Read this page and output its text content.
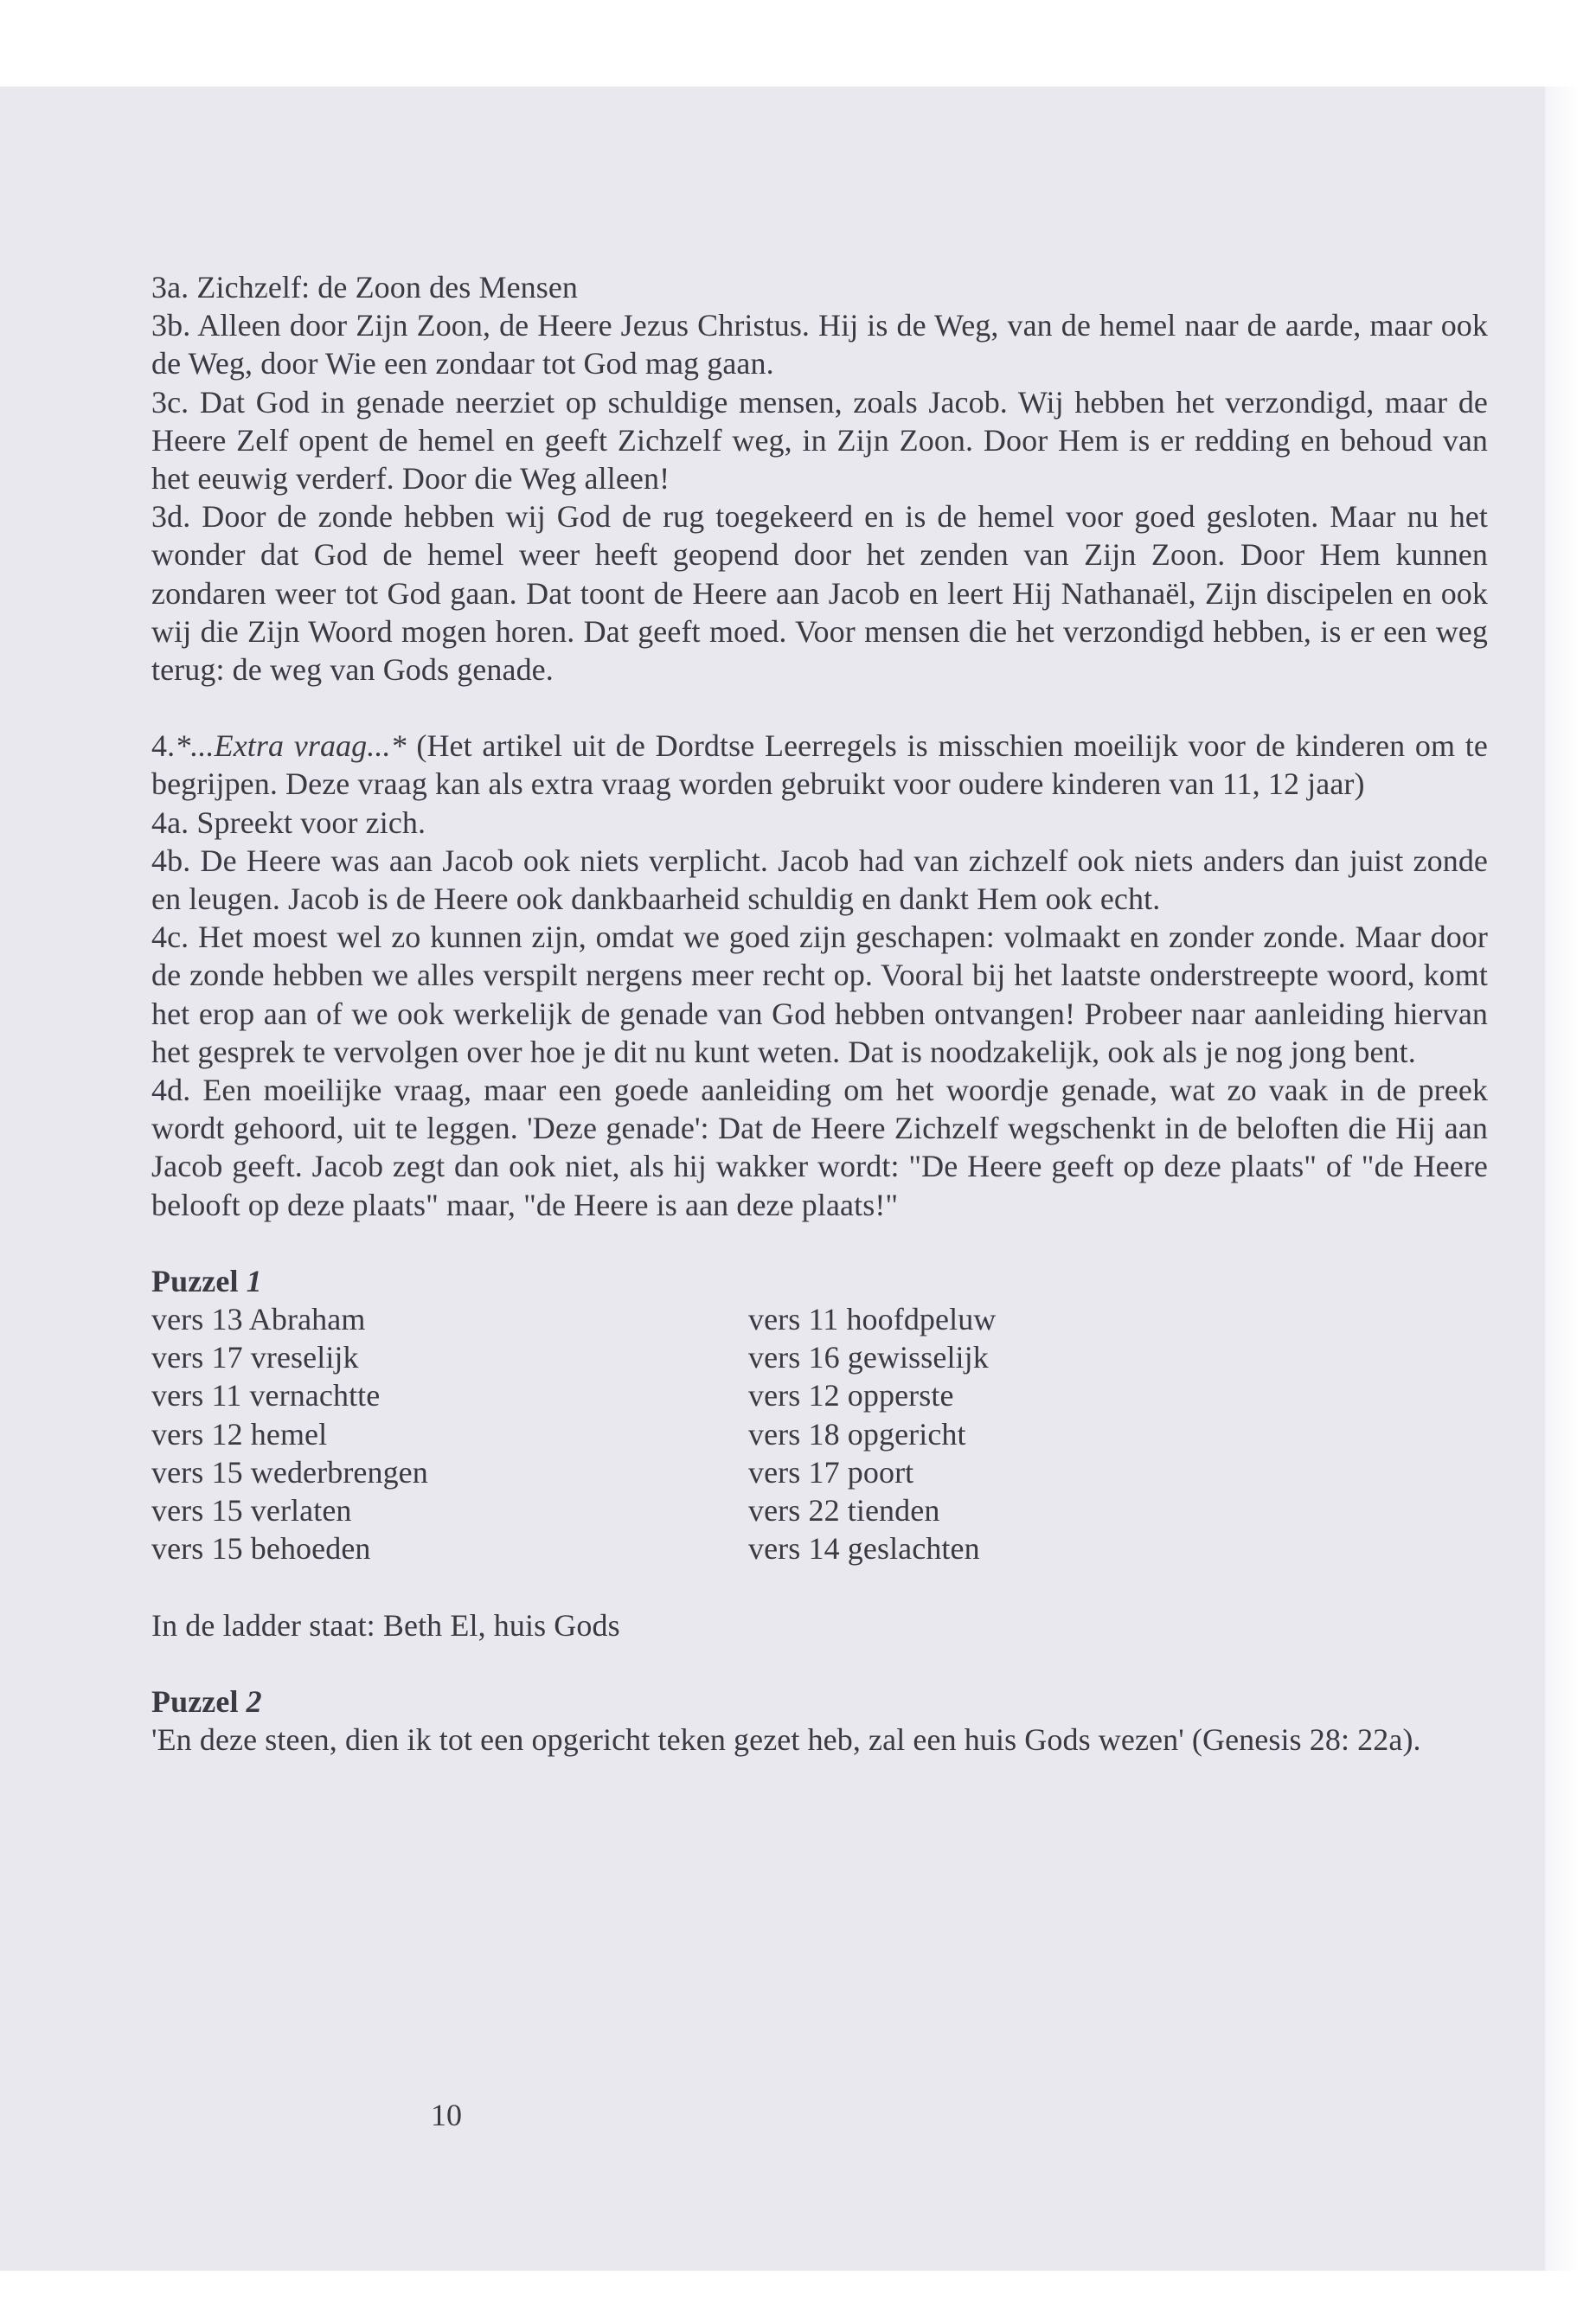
3a. Zichzelf: de Zoon des Mensen

3b. Alleen door Zijn Zoon, de Heere Jezus Christus. Hij is de Weg, van de hemel naar de aarde, maar ook de Weg, door Wie een zondaar tot God mag gaan.

3c. Dat God in genade neerziet op schuldige mensen, zoals Jacob. Wij hebben het verzondigd, maar de Heere Zelf opent de hemel en geeft Zichzelf weg, in Zijn Zoon. Door Hem is er redding en behoud van het eeuwig verderf. Door die Weg alleen!

3d. Door de zonde hebben wij God de rug toegekeerd en is de hemel voor goed gesloten. Maar nu het wonder dat God de hemel weer heeft geopend door het zenden van Zijn Zoon. Door Hem kunnen zondaren weer tot God gaan. Dat toont de Heere aan Jacob en leert Hij Nathanaël, Zijn discipelen en ook wij die Zijn Woord mogen horen. Dat geeft moed. Voor mensen die het verzondigd hebben, is er een weg terug: de weg van Gods genade.

4.*...Extra vraag...* (Het artikel uit de Dordtse Leerregels is misschien moeilijk voor de kinderen om te begrijpen. Deze vraag kan als extra vraag worden gebruikt voor oudere kinderen van 11, 12 jaar)

4a. Spreekt voor zich.

4b. De Heere was aan Jacob ook niets verplicht. Jacob had van zichzelf ook niets anders dan juist zonde en leugen. Jacob is de Heere ook dankbaarheid schuldig en dankt Hem ook echt.

4c. Het moest wel zo kunnen zijn, omdat we goed zijn geschapen: volmaakt en zonder zonde. Maar door de zonde hebben we alles verspilt nergens meer recht op. Vooral bij het laatste onderstreepte woord, komt het erop aan of we ook werkelijk de genade van God hebben ontvangen! Probeer naar aanleiding hiervan het gesprek te vervolgen over hoe je dit nu kunt weten. Dat is noodzakelijk, ook als je nog jong bent.

4d. Een moeilijke vraag, maar een goede aanleiding om het woordje genade, wat zo vaak in de preek wordt gehoord, uit te leggen. 'Deze genade': Dat de Heere Zichzelf wegschenkt in de beloften die Hij aan Jacob geeft. Jacob zegt dan ook niet, als hij wakker wordt: "De Heere geeft op deze plaats" of "de Heere belooft op deze plaats" maar, "de Heere is aan deze plaats!"

Puzzel 1

vers 13 Abraham	vers 11 hoofdpeluw
vers 17 vreselijk	vers 16 gewisselijk
vers 11 vernachtte	vers 12 opperste
vers 12 hemel	vers 18 opgericht
vers 15 wederbrengen	vers 17 poort
vers 15 verlaten	vers 22 tienden
vers 15 behoeden	vers 14 geslachten

In de ladder staat: Beth El, huis Gods

Puzzel 2

'En deze steen, dien ik tot een opgericht teken gezet heb, zal een huis Gods wezen' (Genesis 28: 22a).

10
